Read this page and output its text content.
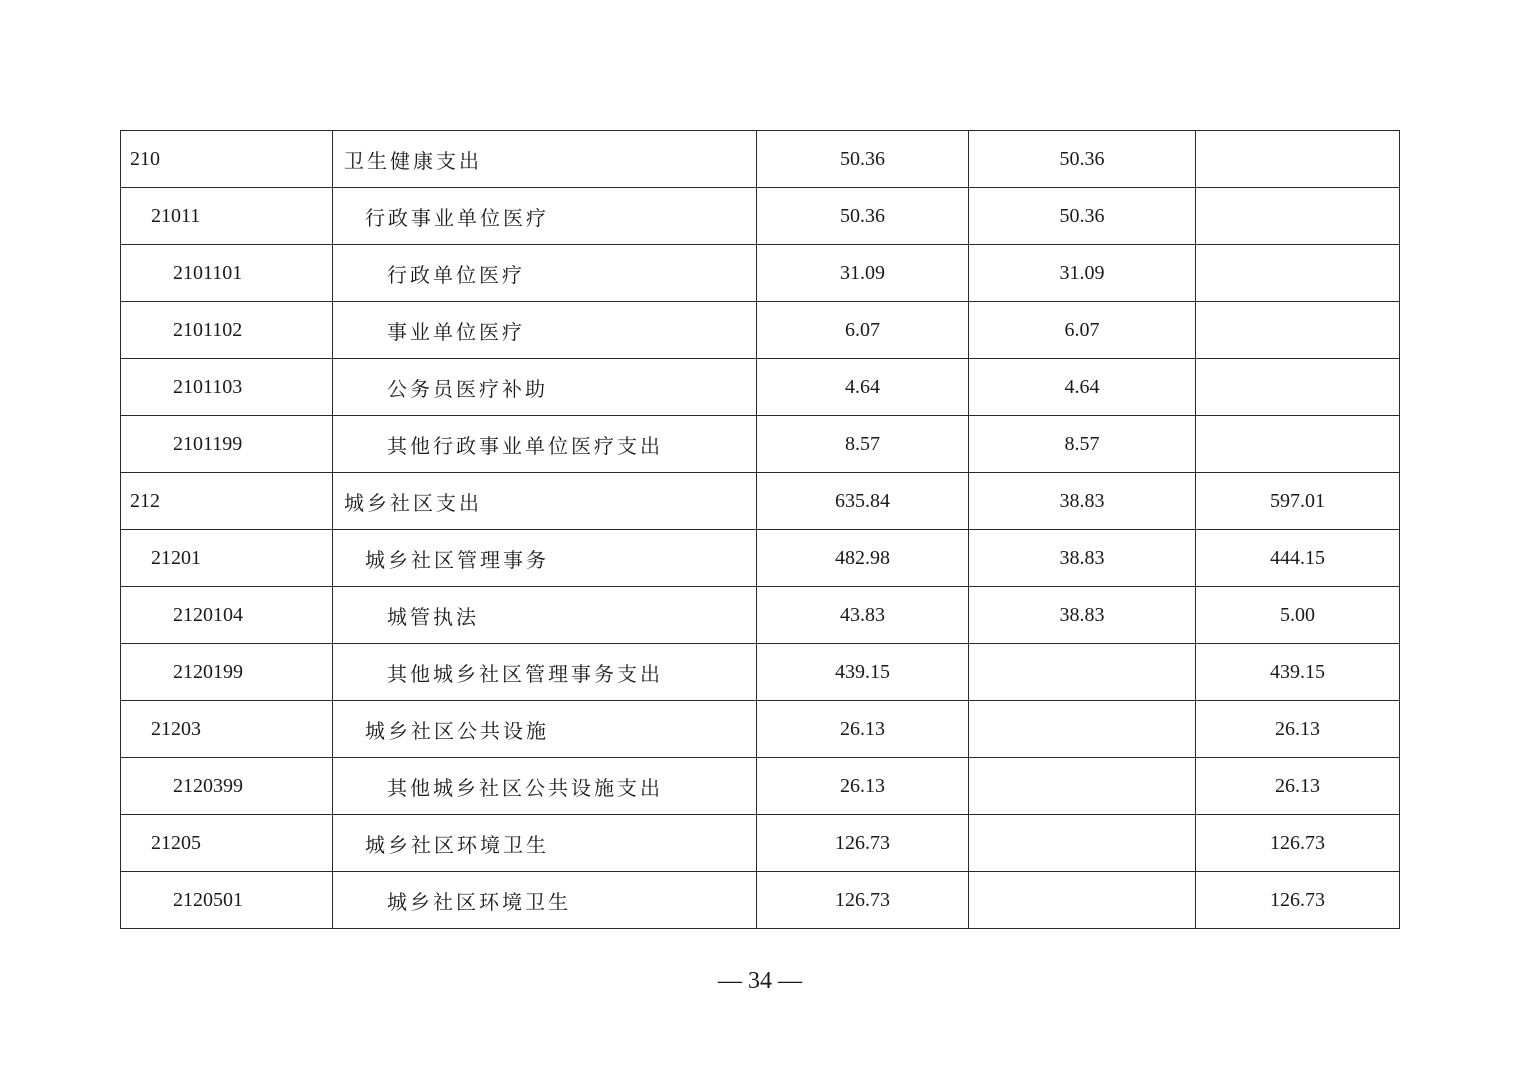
210	卫生健康支出	50.36	50.36	
21011	行政事业单位医疗	50.36	50.36	
2101101	行政单位医疗	31.09	31.09	
2101102	事业单位医疗	6.07	6.07	
2101103	公务员医疗补助	4.64	4.64	
2101199	其他行政事业单位医疗支出	8.57	8.57	
212	城乡社区支出	635.84	38.83	597.01
21201	城乡社区管理事务	482.98	38.83	444.15
2120104	城管执法	43.83	38.83	5.00
2120199	其他城乡社区管理事务支出	439.15		439.15
21203	城乡社区公共设施	26.13		26.13
2120399	其他城乡社区公共设施支出	26.13		26.13
21205	城乡社区环境卫生	126.73		126.73
2120501	城乡社区环境卫生	126.73		126.73
— 34 —
